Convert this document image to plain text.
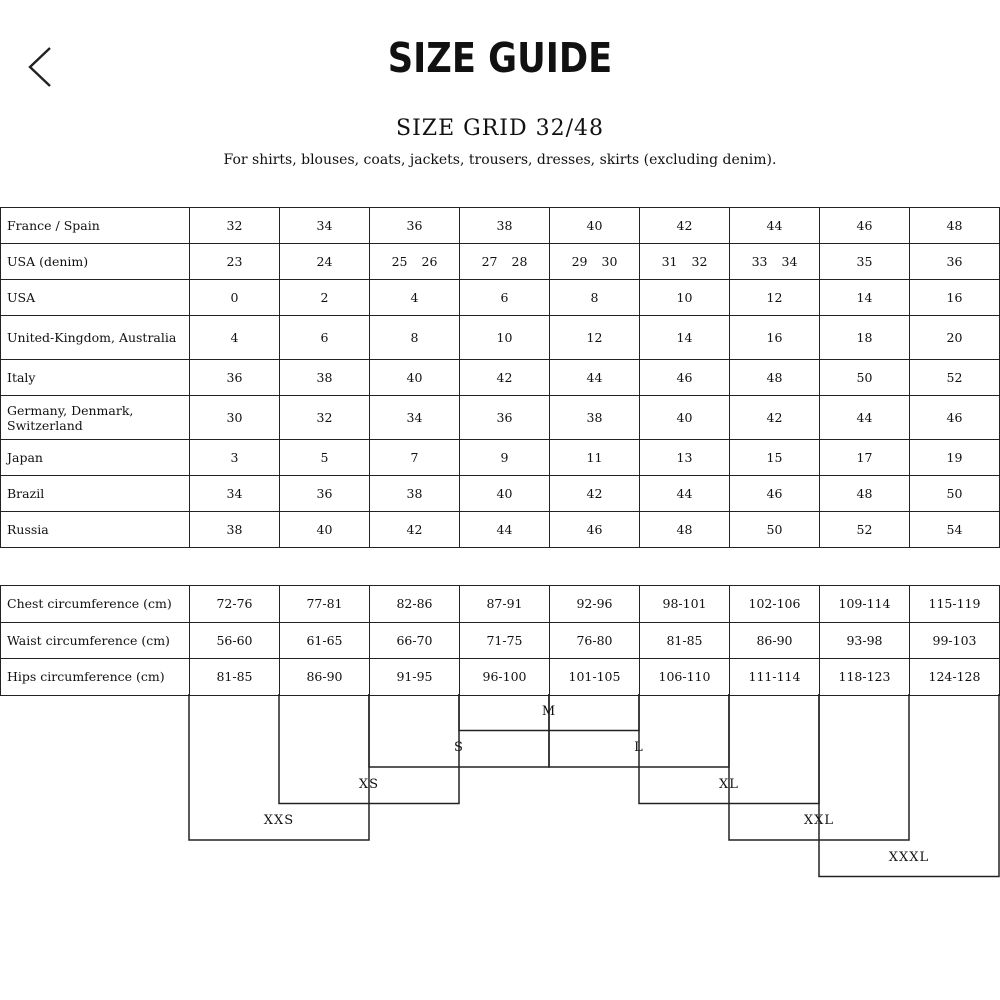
SIZE GUIDE
SIZE GRID 32/48

For shirts, blouses, coats, jackets, trousers, dresses, skirts (excluding denim).

France / Spain	32	34	36	38	40	42	44	46	48
USA (denim)	23	24	25 26	27 28	29 30	31 32	33 34	35	36
USA	0	2	4	6	8	10	12	14	16
United-Kingdom, Australia	4	6	8	10	12	14	16	18	20
Italy	36	38	40	42	44	46	48	50	52
Germany, Denmark, Switzerland	30	32	34	36	38	40	42	44	46
Japan	3	5	7	9	11	13	15	17	19
Brazil	34	36	38	40	42	44	46	48	50
Russia	38	40	42	44	46	48	50	52	54
Chest circumference (cm)	72-76	77-81	82-86	87-91	92-96	98-101	102-106	109-114	115-119
Waist circumference (cm)	56-60	61-65	66-70	71-75	76-80	81-85	86-90	93-98	99-103
Hips circumference (cm)	81-85	86-90	91-95	96-100	101-105	106-110	111-114	118-123	124-128
M
S	L
XS	XL
XXS	XXL
XXXL
